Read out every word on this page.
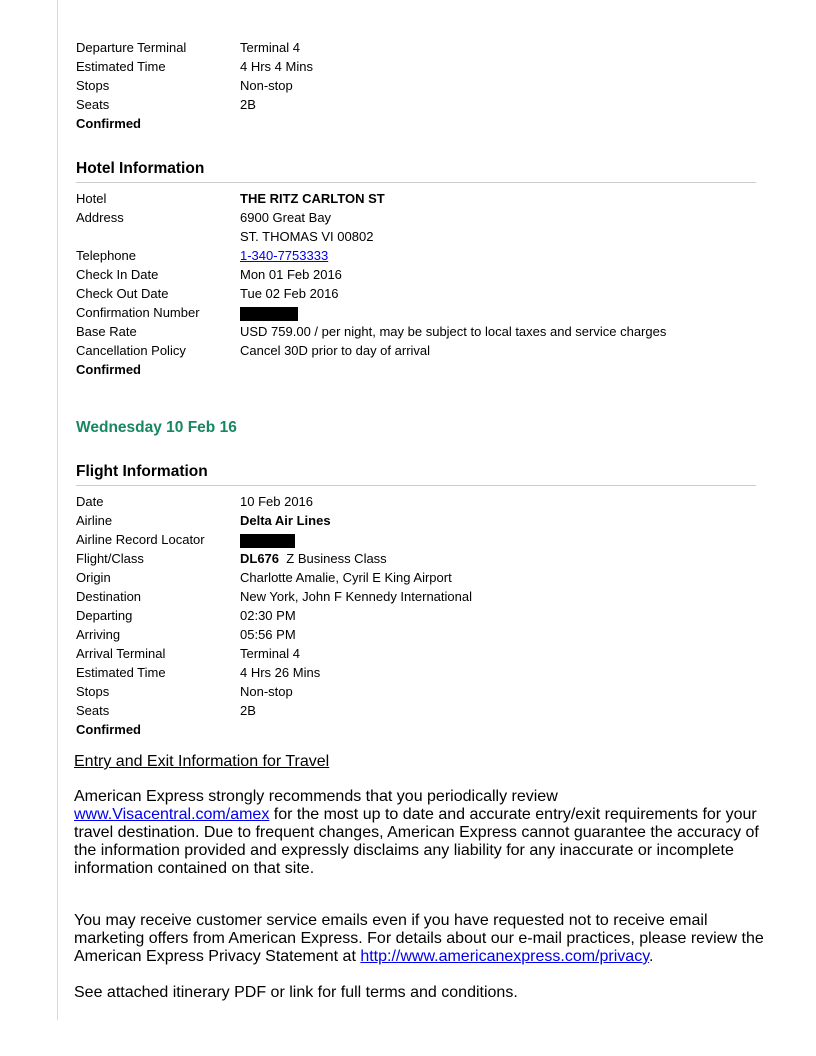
Departure Terminal	Terminal 4
Estimated Time	4 Hrs 4 Mins
Stops	Non-stop
Seats	2B
Confirmed
Hotel Information
Hotel	THE RITZ CARLTON ST
Address	6900 Great Bay
ST. THOMAS VI 00802
Telephone	1-340-7753333
Check In Date	Mon 01 Feb 2016
Check Out Date	Tue 02 Feb 2016
Confirmation Number
Base Rate	USD 759.00 / per night, may be subject to local taxes and service charges
Cancellation Policy	Cancel 30D prior to day of arrival
Confirmed
Wednesday 10 Feb 16
Flight Information
Date	10 Feb 2016
Airline	Delta Air Lines
Airline Record Locator
Flight/Class	DL676 Z Business Class
Origin	Charlotte Amalie, Cyril E King Airport
Destination	New York, John F Kennedy International
Departing	02:30 PM
Arriving	05:56 PM
Arrival Terminal	Terminal 4
Estimated Time	4 Hrs 26 Mins
Stops	Non-stop
Seats	2B
Confirmed

Entry and Exit Information for Travel

American Express strongly recommends that you periodically review
www.Visacentral.com/amex for the most up to date and accurate entry/exit requirements for your travel destination. Due to frequent changes, American Express cannot guarantee the accuracy of the information provided and expressly disclaims any liability for any inaccurate or incomplete information contained on that site.

You may receive customer service emails even if you have requested not to receive email marketing offers from American Express. For details about our e-mail practices, please review the American Express Privacy Statement at http://www.americanexpress.com/privacy.

See attached itinerary PDF or link for full terms and conditions.
